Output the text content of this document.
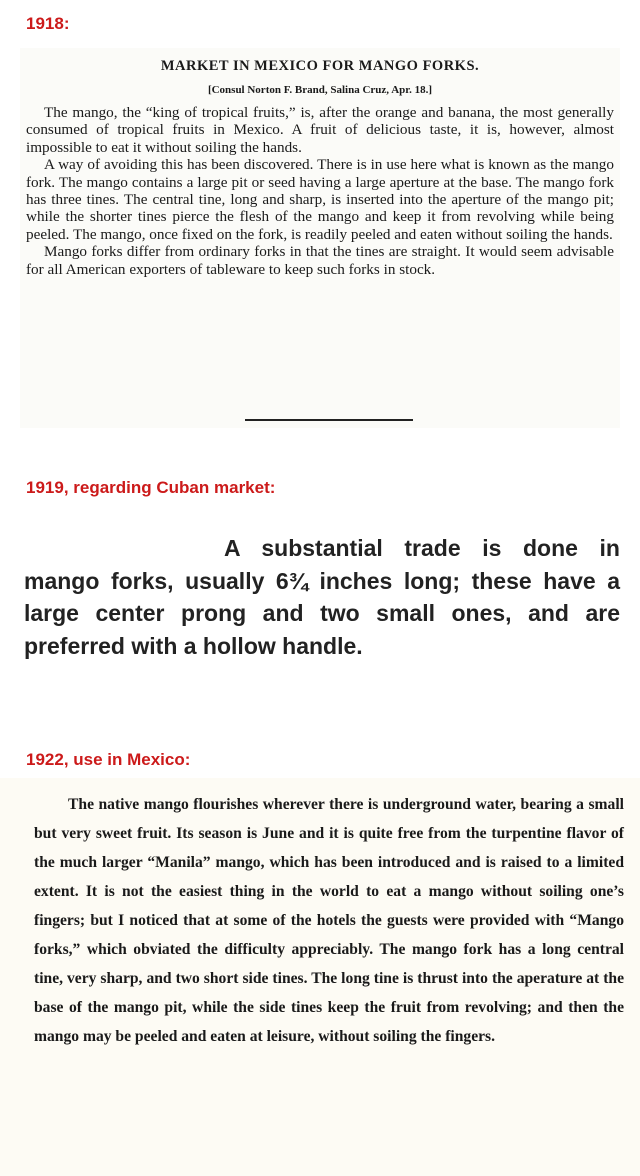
1918:
MARKET IN MEXICO FOR MANGO FORKS.
[Consul Norton F. Brand, Salina Cruz, Apr. 18.]

The mango, the “king of tropical fruits,” is, after the orange and banana, the most generally consumed of tropical fruits in Mexico. A fruit of delicious taste, it is, however, almost impossible to eat it without soiling the hands.

A way of avoiding this has been discovered. There is in use here what is known as the mango fork. The mango contains a large pit or seed having a large aperture at the base. The mango fork has three tines. The central tine, long and sharp, is inserted into the aperture of the mango pit; while the shorter tines pierce the flesh of the mango and keep it from revolving while being peeled. The mango, once fixed on the fork, is readily peeled and eaten without soiling the hands.

Mango forks differ from ordinary forks in that the tines are straight. It would seem advisable for all American exporters of tableware to keep such forks in stock.

1919, regarding Cuban market:

A substantial trade is done in mango forks, usually 6¾ inches long; these have a large center prong and two small ones, and are preferred with a hollow handle.

1922, use in Mexico:

The native mango flourishes wherever there is underground water, bearing a small but very sweet fruit. Its season is June and it is quite free from the turpentine flavor of the much larger “Manila” mango, which has been introduced and is raised to a limited extent. It is not the easiest thing in the world to eat a mango without soiling one’s fingers; but I noticed that at some of the hotels the guests were provided with “Mango forks,” which obviated the difficulty appreciably. The mango fork has a long central tine, very sharp, and two short side tines. The long tine is thrust into the aperature at the base of the mango pit, while the side tines keep the fruit from revolving; and then the mango may be peeled and eaten at leisure, without soiling the fingers.
